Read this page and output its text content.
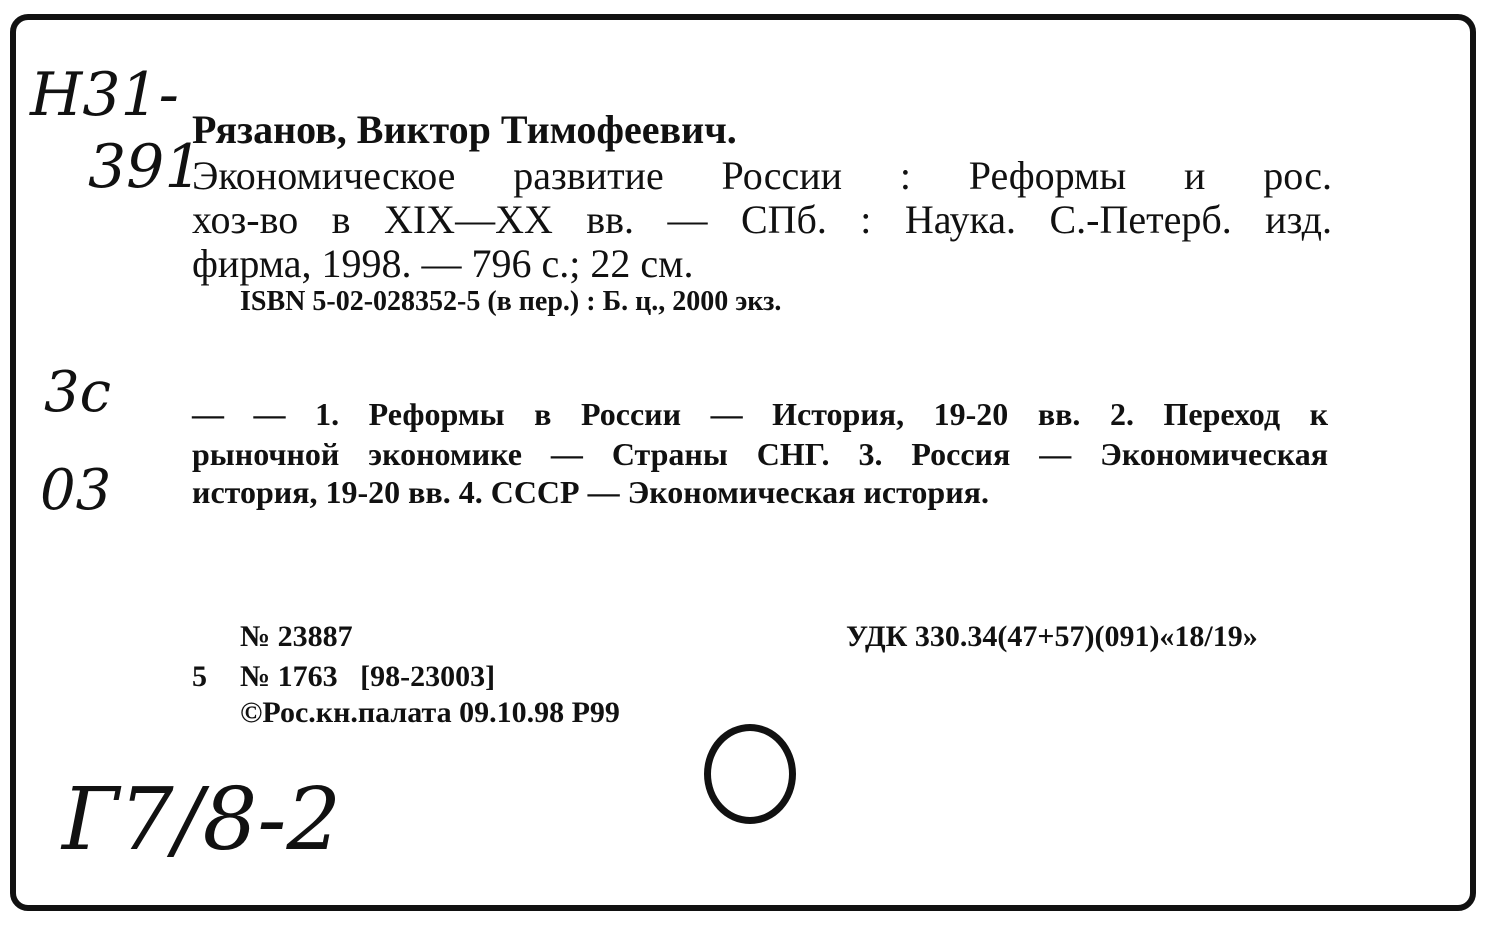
Н31-
391
3с
03
Г7/8-2
Рязанов, Виктор Тимофеевич.
Экономическое развитие России : Реформы и рос.
хоз-во в XIX—XX вв. — СПб. : Наука. С.-Петерб. изд.
фирма, 1998. — 796 с.; 22 см.
ISBN 5-02-028352-5 (в пер.) : Б. ц., 2000 экз.
— — 1. Реформы в России — История, 19-20 вв. 2. Переход к
рыночной экономике — Страны СНГ. 3. Россия — Экономическая
история, 19-20 вв. 4. СССР — Экономическая история.
№ 23887
5 № 1763   [98-23003]
©Рос.кн.палата 09.10.98 Р99
УДК 330.34(47+57)(091)«18/19»
